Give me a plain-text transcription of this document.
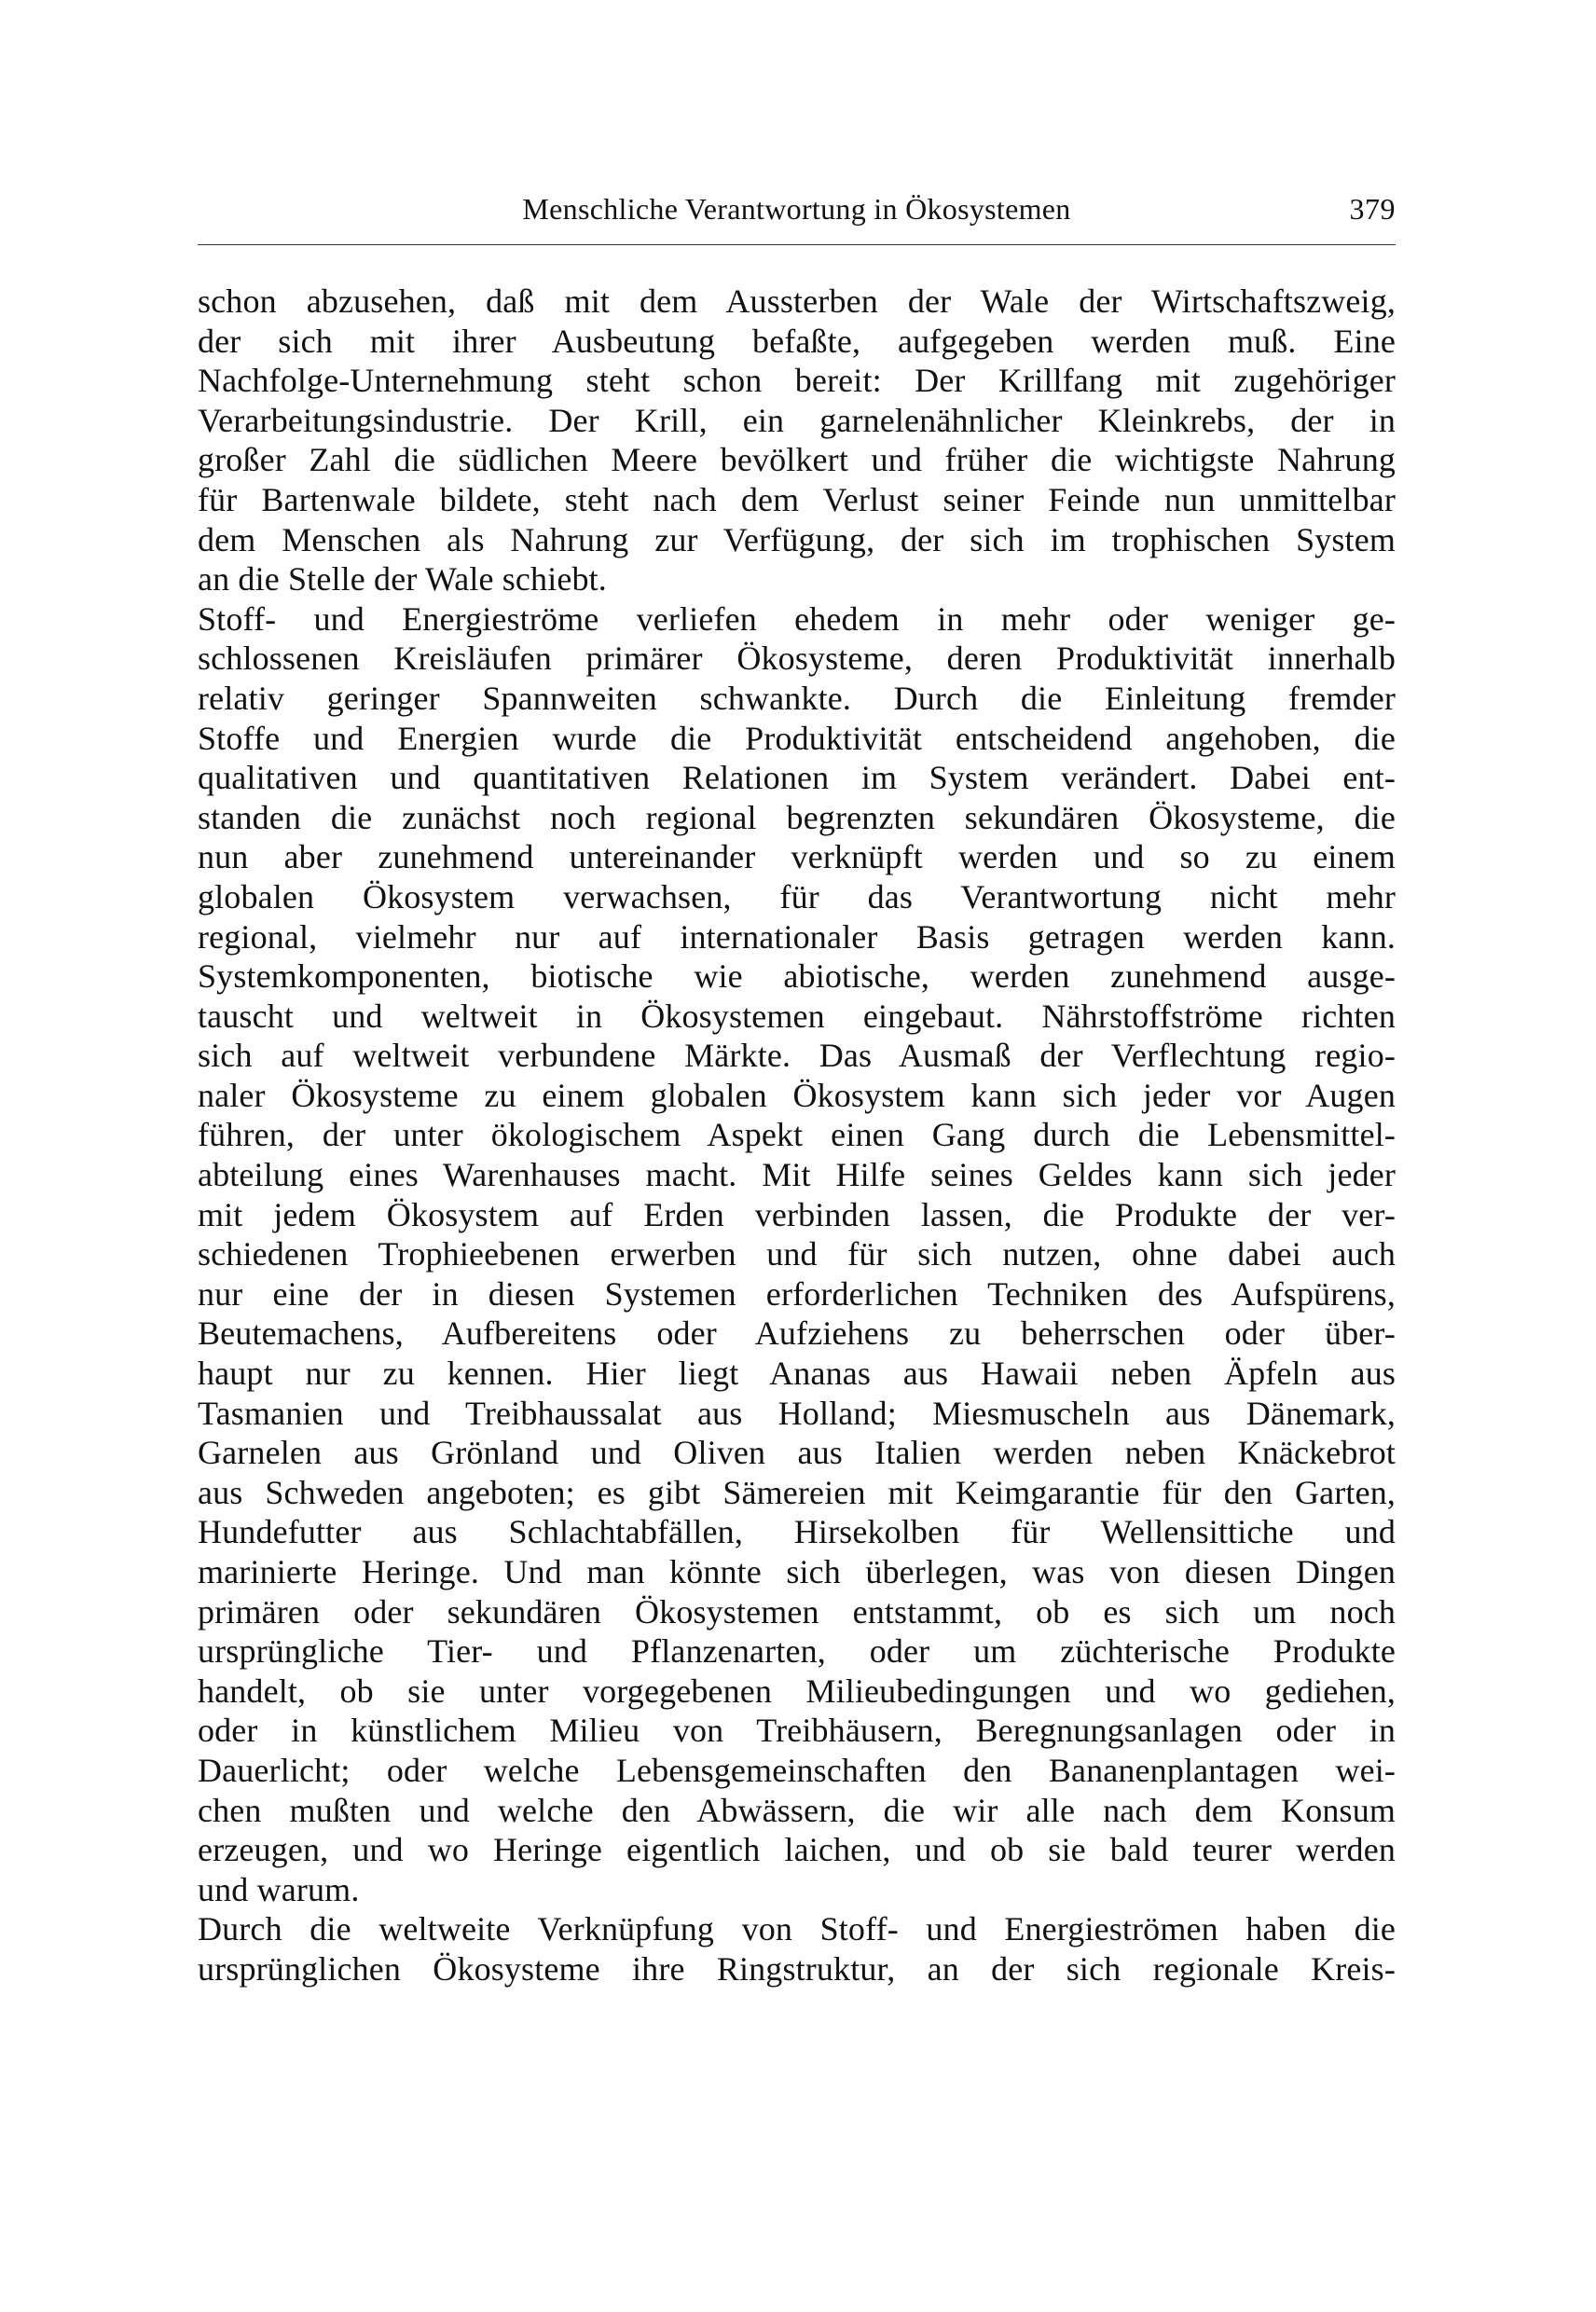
Menschliche Verantwortung in Ökosystemen	379
schon abzusehen, daß mit dem Aussterben der Wale der Wirtschaftszweig,
der sich mit ihrer Ausbeutung befaßte, aufgegeben werden muß. Eine
Nachfolge-Unternehmung steht schon bereit: Der Krillfang mit zugehöriger
Verarbeitungsindustrie. Der Krill, ein garnelenähnlicher Kleinkrebs, der in
großer Zahl die südlichen Meere bevölkert und früher die wichtigste Nahrung
für Bartenwale bildete, steht nach dem Verlust seiner Feinde nun unmittelbar
dem Menschen als Nahrung zur Verfügung, der sich im trophischen System
an die Stelle der Wale schiebt.
Stoff- und Energieströme verliefen ehedem in mehr oder weniger ge-
schlossenen Kreisläufen primärer Ökosysteme, deren Produktivität innerhalb
relativ geringer Spannweiten schwankte. Durch die Einleitung fremder
Stoffe und Energien wurde die Produktivität entscheidend angehoben, die
qualitativen und quantitativen Relationen im System verändert. Dabei ent-
standen die zunächst noch regional begrenzten sekundären Ökosysteme, die
nun aber zunehmend untereinander verknüpft werden und so zu einem
globalen Ökosystem verwachsen, für das Verantwortung nicht mehr
regional, vielmehr nur auf internationaler Basis getragen werden kann.
Systemkomponenten, biotische wie abiotische, werden zunehmend ausge-
tauscht und weltweit in Ökosystemen eingebaut. Nährstoffströme richten
sich auf weltweit verbundene Märkte. Das Ausmaß der Verflechtung regio-
naler Ökosysteme zu einem globalen Ökosystem kann sich jeder vor Augen
führen, der unter ökologischem Aspekt einen Gang durch die Lebensmittel-
abteilung eines Warenhauses macht. Mit Hilfe seines Geldes kann sich jeder
mit jedem Ökosystem auf Erden verbinden lassen, die Produkte der ver-
schiedenen Trophieebenen erwerben und für sich nutzen, ohne dabei auch
nur eine der in diesen Systemen erforderlichen Techniken des Aufspürens,
Beutemachens, Aufbereitens oder Aufziehens zu beherrschen oder über-
haupt nur zu kennen. Hier liegt Ananas aus Hawaii neben Äpfeln aus
Tasmanien und Treibhaussalat aus Holland; Miesmuscheln aus Dänemark,
Garnelen aus Grönland und Oliven aus Italien werden neben Knäckebrot
aus Schweden angeboten; es gibt Sämereien mit Keimgarantie für den Garten,
Hundefutter aus Schlachtabfällen, Hirsekolben für Wellensittiche und
marinierte Heringe. Und man könnte sich überlegen, was von diesen Dingen
primären oder sekundären Ökosystemen entstammt, ob es sich um noch
ursprüngliche Tier- und Pflanzenarten, oder um züchterische Produkte
handelt, ob sie unter vorgegebenen Milieubedingungen und wo gediehen,
oder in künstlichem Milieu von Treibhäusern, Beregnungsanlagen oder in
Dauerlicht; oder welche Lebensgemeinschaften den Bananenplantagen wei-
chen mußten und welche den Abwässern, die wir alle nach dem Konsum
erzeugen, und wo Heringe eigentlich laichen, und ob sie bald teurer werden
und warum.
Durch die weltweite Verknüpfung von Stoff- und Energieströmen haben die
ursprünglichen Ökosysteme ihre Ringstruktur, an der sich regionale Kreis-
